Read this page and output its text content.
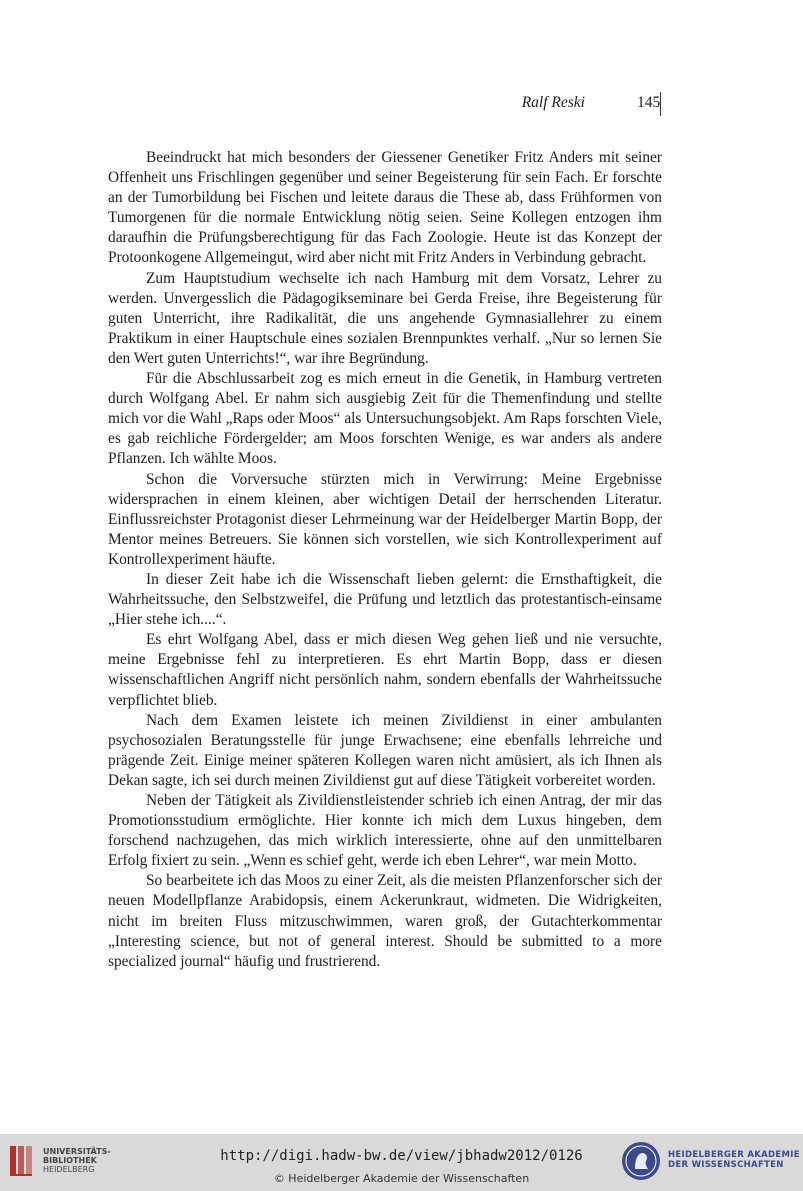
Ralf Reski	145

Beeindruckt hat mich besonders der Giessener Genetiker Fritz Anders mit seiner Offenheit uns Frischlingen gegenüber und seiner Begeisterung für sein Fach. Er forschte an der Tumorbildung bei Fischen und leitete daraus die These ab, dass Frühformen von Tumorgenen für die normale Entwicklung nötig seien. Seine Kollegen entzogen ihm daraufhin die Prüfungsberechtigung für das Fach Zoologie. Heute ist das Konzept der Protoonkogene Allgemeingut, wird aber nicht mit Fritz Anders in Verbindung gebracht.

Zum Hauptstudium wechselte ich nach Hamburg mit dem Vorsatz, Lehrer zu werden. Unvergesslich die Pädagogikseminare bei Gerda Freise, ihre Begeisterung für guten Unterricht, ihre Radikalität, die uns angehende Gymnasiallehrer zu einem Praktikum in einer Hauptschule eines sozialen Brennpunktes verhalf. „Nur so lernen Sie den Wert guten Unterrichts!“, war ihre Begründung.

Für die Abschlussarbeit zog es mich erneut in die Genetik, in Hamburg vertreten durch Wolfgang Abel. Er nahm sich ausgiebig Zeit für die Themenfindung und stellte mich vor die Wahl „Raps oder Moos“ als Untersuchungsobjekt. Am Raps forschten Viele, es gab reichliche Fördergelder; am Moos forschten Wenige, es war anders als andere Pflanzen. Ich wählte Moos.

Schon die Vorversuche stürzten mich in Verwirrung: Meine Ergebnisse widersprachen in einem kleinen, aber wichtigen Detail der herrschenden Literatur. Einflussreichster Protagonist dieser Lehrmeinung war der Heidelberger Martin Bopp, der Mentor meines Betreuers. Sie können sich vorstellen, wie sich Kontrollexperiment auf Kontrollexperiment häufte.

In dieser Zeit habe ich die Wissenschaft lieben gelernt: die Ernsthaftigkeit, die Wahrheitssuche, den Selbstzweifel, die Prüfung und letztlich das protestantisch-einsame „Hier stehe ich....“.

Es ehrt Wolfgang Abel, dass er mich diesen Weg gehen ließ und nie versuchte, meine Ergebnisse fehl zu interpretieren. Es ehrt Martin Bopp, dass er diesen wissenschaftlichen Angriff nicht persönlich nahm, sondern ebenfalls der Wahrheitssuche verpflichtet blieb.

Nach dem Examen leistete ich meinen Zivildienst in einer ambulanten psychosozialen Beratungsstelle für junge Erwachsene; eine ebenfalls lehrreiche und prägende Zeit. Einige meiner späteren Kollegen waren nicht amüsiert, als ich Ihnen als Dekan sagte, ich sei durch meinen Zivildienst gut auf diese Tätigkeit vorbereitet worden.

Neben der Tätigkeit als Zivildienstleistender schrieb ich einen Antrag, der mir das Promotionsstudium ermöglichte. Hier konnte ich mich dem Luxus hingeben, dem forschend nachzugehen, das mich wirklich interessierte, ohne auf den unmittelbaren Erfolg fixiert zu sein. „Wenn es schief geht, werde ich eben Lehrer“, war mein Motto.

So bearbeitete ich das Moos zu einer Zeit, als die meisten Pflanzenforscher sich der neuen Modellpflanze Arabidopsis, einem Ackerunkraut, widmeten. Die Widrigkeiten, nicht im breiten Fluss mitzuschwimmen, waren groß, der Gutachterkommentar „Interesting science, but not of general interest. Should be submitted to a more specialized journal“ häufig und frustrierend.

UNIVERSITÄTS-
BIBLIOTHEK
HEIDELBERG
http://digi.hadw-bw.de/view/jbhadw2012/0126
© Heidelberger Akademie der Wissenschaften
HEIDELBERGER AKADEMIE
DER WISSENSCHAFTEN
